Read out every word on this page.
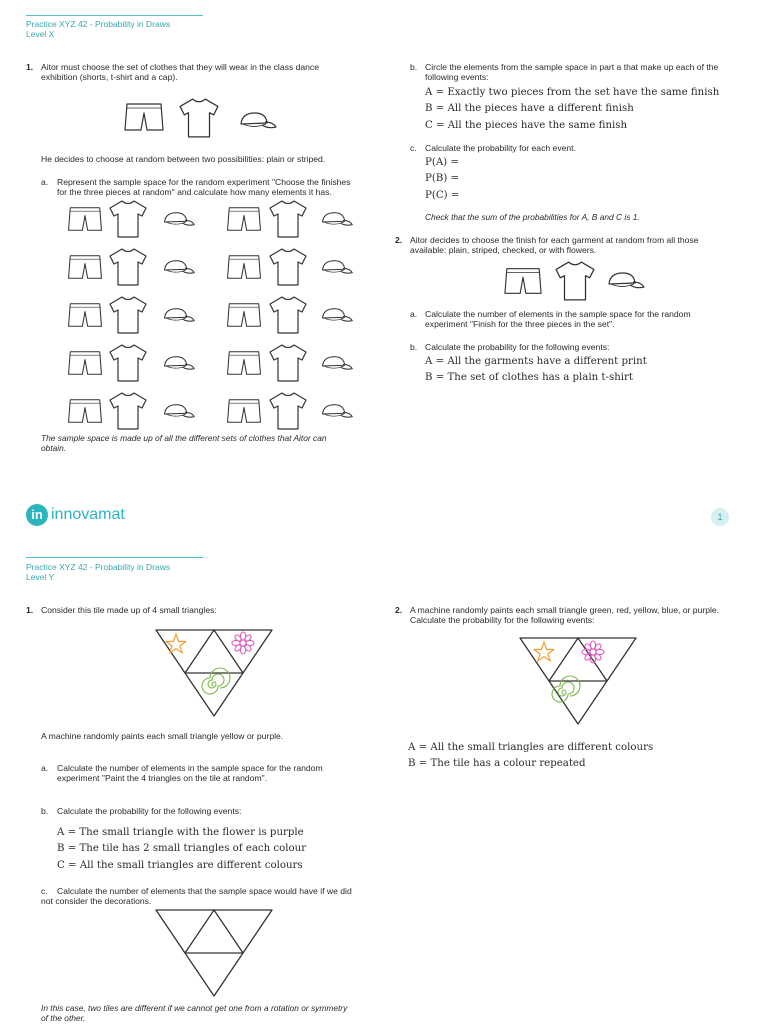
Practice XYZ 42 - Probability in Draws
Level X
1. Aitor must choose the set of clothes that they will wear in the class dance
exhibition (shorts, t-shirt and a cap).
He decides to choose at random between two possibilities: plain or striped.
a. Represent the sample space for the random experiment "Choose the finishes
for the three pieces at random" and calculate how many elements it has.
The sample space is made up of all the different sets of clothes that Aitor can
obtain.
b. Circle the elements from the sample space in part a that make up each of the
following events:
A = Exactly two pieces from the set have the same finish
B = All the pieces have a different finish
C = All the pieces have the same finish
c. Calculate the probability for each event.
P(A) =
P(B) =
P(C) =
Check that the sum of the probabilities for A, B and C is 1.
2. Aitor decides to choose the finish for each garment at random from all those
available: plain, striped, checked, or with flowers.
a. Calculate the number of elements in the sample space for the random
experiment "Finish for the three pieces in the set".
b. Calculate the probability for the following events:
A = All the garments have a different print
B = The set of clothes has a plain t-shirt
in innovamat	1
Practice XYZ 42 - Probability in Draws
Level Y
1. Consider this tile made up of 4 small triangles:
A machine randomly paints each small triangle yellow or purple.
a. Calculate the number of elements in the sample space for the random
experiment "Paint the 4 triangles on the tile at random".
b. Calculate the probability for the following events:
A = The small triangle with the flower is purple
B = The tile has 2 small triangles of each colour
C = All the small triangles are different colours
c. Calculate the number of elements that the sample space would have if we did
not consider the decorations.
In this case, two tiles are different if we cannot get one from a rotation or symmetry
of the other.
2. A machine randomly paints each small triangle green, red, yellow, blue, or purple.
Calculate the probability for the following events:
A = All the small triangles are different colours
B = The tile has a colour repeated
